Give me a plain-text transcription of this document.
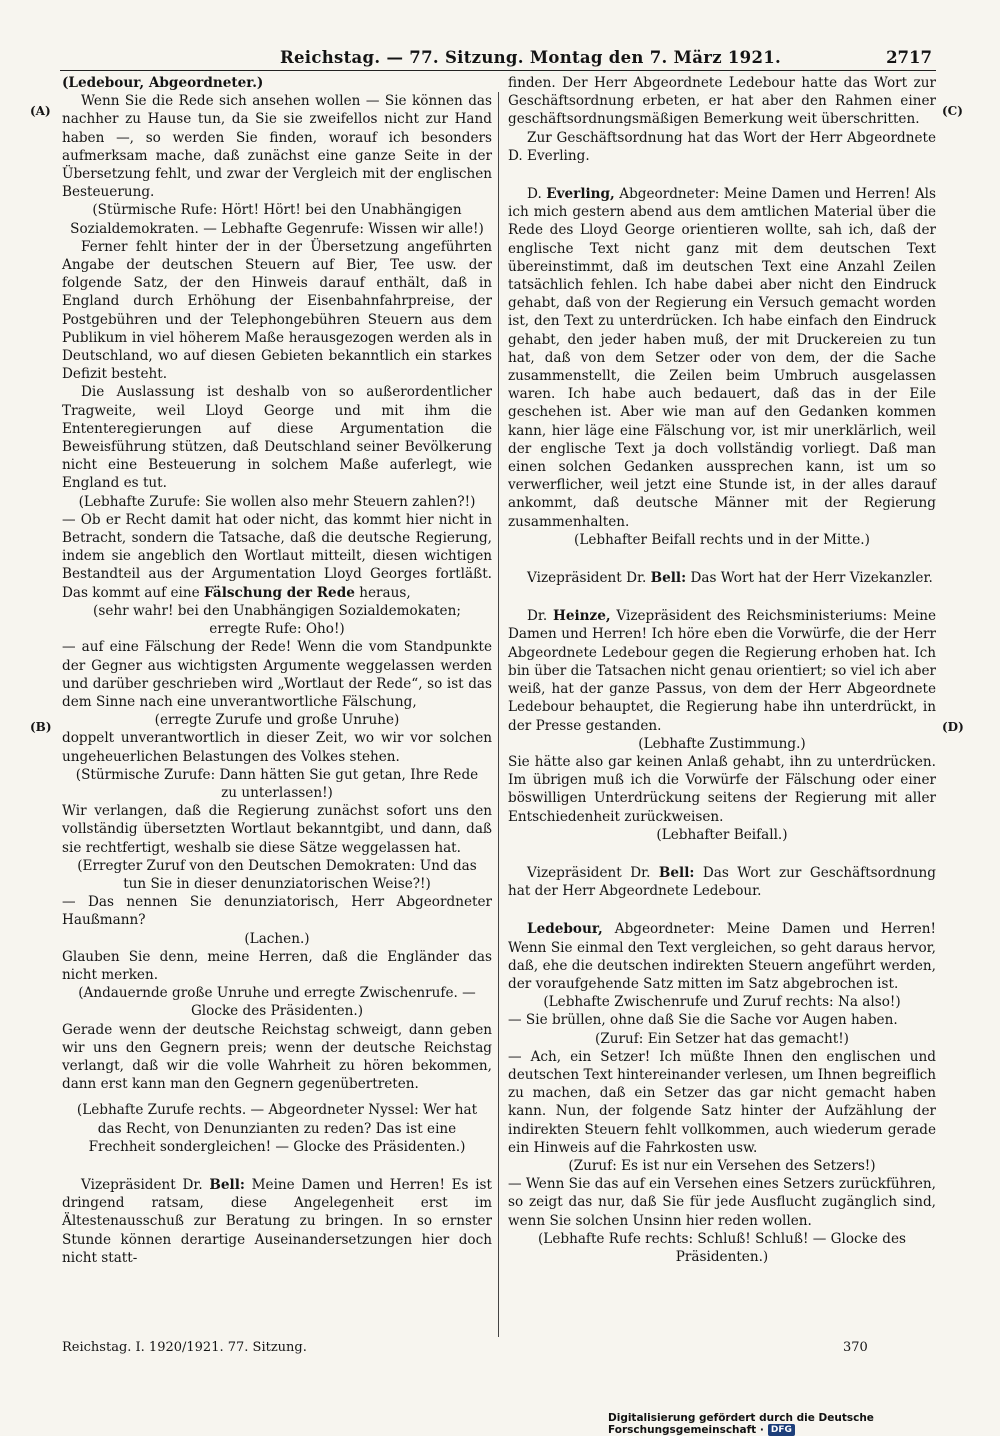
Reichstag. — 77. Sitzung. Montag den 7. März 1921.	2717
(A)
(B)
(C)
(D)

(Ledebour, Abgeordneter.)

Wenn Sie die Rede sich ansehen wollen — Sie können das nachher zu Hause tun, da Sie sie zweifellos nicht zur Hand haben —, so werden Sie finden, worauf ich besonders aufmerksam mache, daß zunächst eine ganze Seite in der Übersetzung fehlt, und zwar der Vergleich mit der englischen Besteuerung.

(Stürmische Rufe: Hört! Hört! bei den Unabhängigen Sozialdemokraten. — Lebhafte Gegenrufe: Wissen wir alle!)

Ferner fehlt hinter der in der Übersetzung angeführten Angabe der deutschen Steuern auf Bier, Tee usw. der folgende Satz, der den Hinweis darauf enthält, daß in England durch Erhöhung der Eisenbahnfahrpreise, der Postgebühren und der Telephongebühren Steuern aus dem Publikum in viel höherem Maße herausgezogen werden als in Deutschland, wo auf diesen Gebieten bekanntlich ein starkes Defizit besteht.

Die Auslassung ist deshalb von so außerordentlicher Tragweite, weil Lloyd George und mit ihm die Ententeregierungen auf diese Argumentation die Beweisführung stützen, daß Deutschland seiner Bevölkerung nicht eine Besteuerung in solchem Maße auferlegt, wie England es tut.

(Lebhafte Zurufe: Sie wollen also mehr Steuern zahlen?!)

— Ob er Recht damit hat oder nicht, das kommt hier nicht in Betracht, sondern die Tatsache, daß die deutsche Regierung, indem sie angeblich den Wortlaut mitteilt, diesen wichtigen Bestandteil aus der Argumentation Lloyd Georges fortläßt. Das kommt auf eine Fälschung der Rede heraus,

(sehr wahr! bei den Unabhängigen Sozialdemokaten; erregte Rufe: Oho!)

— auf eine Fälschung der Rede! Wenn die vom Standpunkte der Gegner aus wichtigsten Argumente weggelassen werden und darüber geschrieben wird „Wortlaut der Rede“, so ist das dem Sinne nach eine unverantwortliche Fälschung,

(erregte Zurufe und große Unruhe)

doppelt unverantwortlich in dieser Zeit, wo wir vor solchen ungeheuerlichen Belastungen des Volkes stehen.

(Stürmische Zurufe: Dann hätten Sie gut getan, Ihre Rede zu unterlassen!)

Wir verlangen, daß die Regierung zunächst sofort uns den vollständig übersetzten Wortlaut bekanntgibt, und dann, daß sie rechtfertigt, weshalb sie diese Sätze weggelassen hat.

(Erregter Zuruf von den Deutschen Demokraten: Und das tun Sie in dieser denunziatorischen Weise?!)

— Das nennen Sie denunziatorisch, Herr Abgeordneter Haußmann?

(Lachen.)

Glauben Sie denn, meine Herren, daß die Engländer das nicht merken.

(Andauernde große Unruhe und erregte Zwischenrufe. — Glocke des Präsidenten.)

Gerade wenn der deutsche Reichstag schweigt, dann geben wir uns den Gegnern preis; wenn der deutsche Reichstag verlangt, daß wir die volle Wahrheit zu hören bekommen, dann erst kann man den Gegnern gegenübertreten.

(Lebhafte Zurufe rechts. — Abgeordneter Nyssel: Wer hat das Recht, von Denunzianten zu reden? Das ist eine Frechheit sondergleichen! — Glocke des Präsidenten.)

Vizepräsident Dr. Bell: Meine Damen und Herren! Es ist dringend ratsam, diese Angelegenheit erst im Ältestenausschuß zur Beratung zu bringen. In so ernster Stunde können derartige Auseinandersetzungen hier doch nicht statt-

finden. Der Herr Abgeordnete Ledebour hatte das Wort zur Geschäftsordnung erbeten, er hat aber den Rahmen einer geschäftsordnungsmäßigen Bemerkung weit überschritten.

Zur Geschäftsordnung hat das Wort der Herr Abgeordnete D. Everling.

D. Everling, Abgeordneter: Meine Damen und Herren! Als ich mich gestern abend aus dem amtlichen Material über die Rede des Lloyd George orientieren wollte, sah ich, daß der englische Text nicht ganz mit dem deutschen Text übereinstimmt, daß im deutschen Text eine Anzahl Zeilen tatsächlich fehlen. Ich habe dabei aber nicht den Eindruck gehabt, daß von der Regierung ein Versuch gemacht worden ist, den Text zu unterdrücken. Ich habe einfach den Eindruck gehabt, den jeder haben muß, der mit Druckereien zu tun hat, daß von dem Setzer oder von dem, der die Sache zusammenstellt, die Zeilen beim Umbruch ausgelassen waren. Ich habe auch bedauert, daß das in der Eile geschehen ist. Aber wie man auf den Gedanken kommen kann, hier läge eine Fälschung vor, ist mir unerklärlich, weil der englische Text ja doch vollständig vorliegt. Daß man einen solchen Gedanken aussprechen kann, ist um so verwerflicher, weil jetzt eine Stunde ist, in der alles darauf ankommt, daß deutsche Männer mit der Regierung zusammenhalten.

(Lebhafter Beifall rechts und in der Mitte.)

Vizepräsident Dr. Bell: Das Wort hat der Herr Vizekanzler.

Dr. Heinze, Vizepräsident des Reichsministeriums: Meine Damen und Herren! Ich höre eben die Vorwürfe, die der Herr Abgeordnete Ledebour gegen die Regierung erhoben hat. Ich bin über die Tatsachen nicht genau orientiert; so viel ich aber weiß, hat der ganze Passus, von dem der Herr Abgeordnete Ledebour behauptet, die Regierung habe ihn unterdrückt, in der Presse gestanden.

(Lebhafte Zustimmung.)

Sie hätte also gar keinen Anlaß gehabt, ihn zu unterdrücken. Im übrigen muß ich die Vorwürfe der Fälschung oder einer böswilligen Unterdrückung seitens der Regierung mit aller Entschiedenheit zurückweisen.

(Lebhafter Beifall.)

Vizepräsident Dr. Bell: Das Wort zur Geschäftsordnung hat der Herr Abgeordnete Ledebour.

Ledebour, Abgeordneter: Meine Damen und Herren! Wenn Sie einmal den Text vergleichen, so geht daraus hervor, daß, ehe die deutschen indirekten Steuern angeführt werden, der voraufgehende Satz mitten im Satz abgebrochen ist.

(Lebhafte Zwischenrufe und Zuruf rechts: Na also!)

— Sie brüllen, ohne daß Sie die Sache vor Augen haben.

(Zuruf: Ein Setzer hat das gemacht!)

— Ach, ein Setzer! Ich müßte Ihnen den englischen und deutschen Text hintereinander verlesen, um Ihnen begreiflich zu machen, daß ein Setzer das gar nicht gemacht haben kann. Nun, der folgende Satz hinter der Aufzählung der indirekten Steuern fehlt vollkommen, auch wiederum gerade ein Hinweis auf die Fahrkosten usw.

(Zuruf: Es ist nur ein Versehen des Setzers!)

— Wenn Sie das auf ein Versehen eines Setzers zurückführen, so zeigt das nur, daß Sie für jede Ausflucht zugänglich sind, wenn Sie solchen Unsinn hier reden wollen.

(Lebhafte Rufe rechts: Schluß! Schluß! — Glocke des Präsidenten.)

Reichstag. I. 1920/1921. 77. Sitzung.	370
Digitalisierung gefördert durch die Deutsche Forschungsgemeinschaft · DFG
